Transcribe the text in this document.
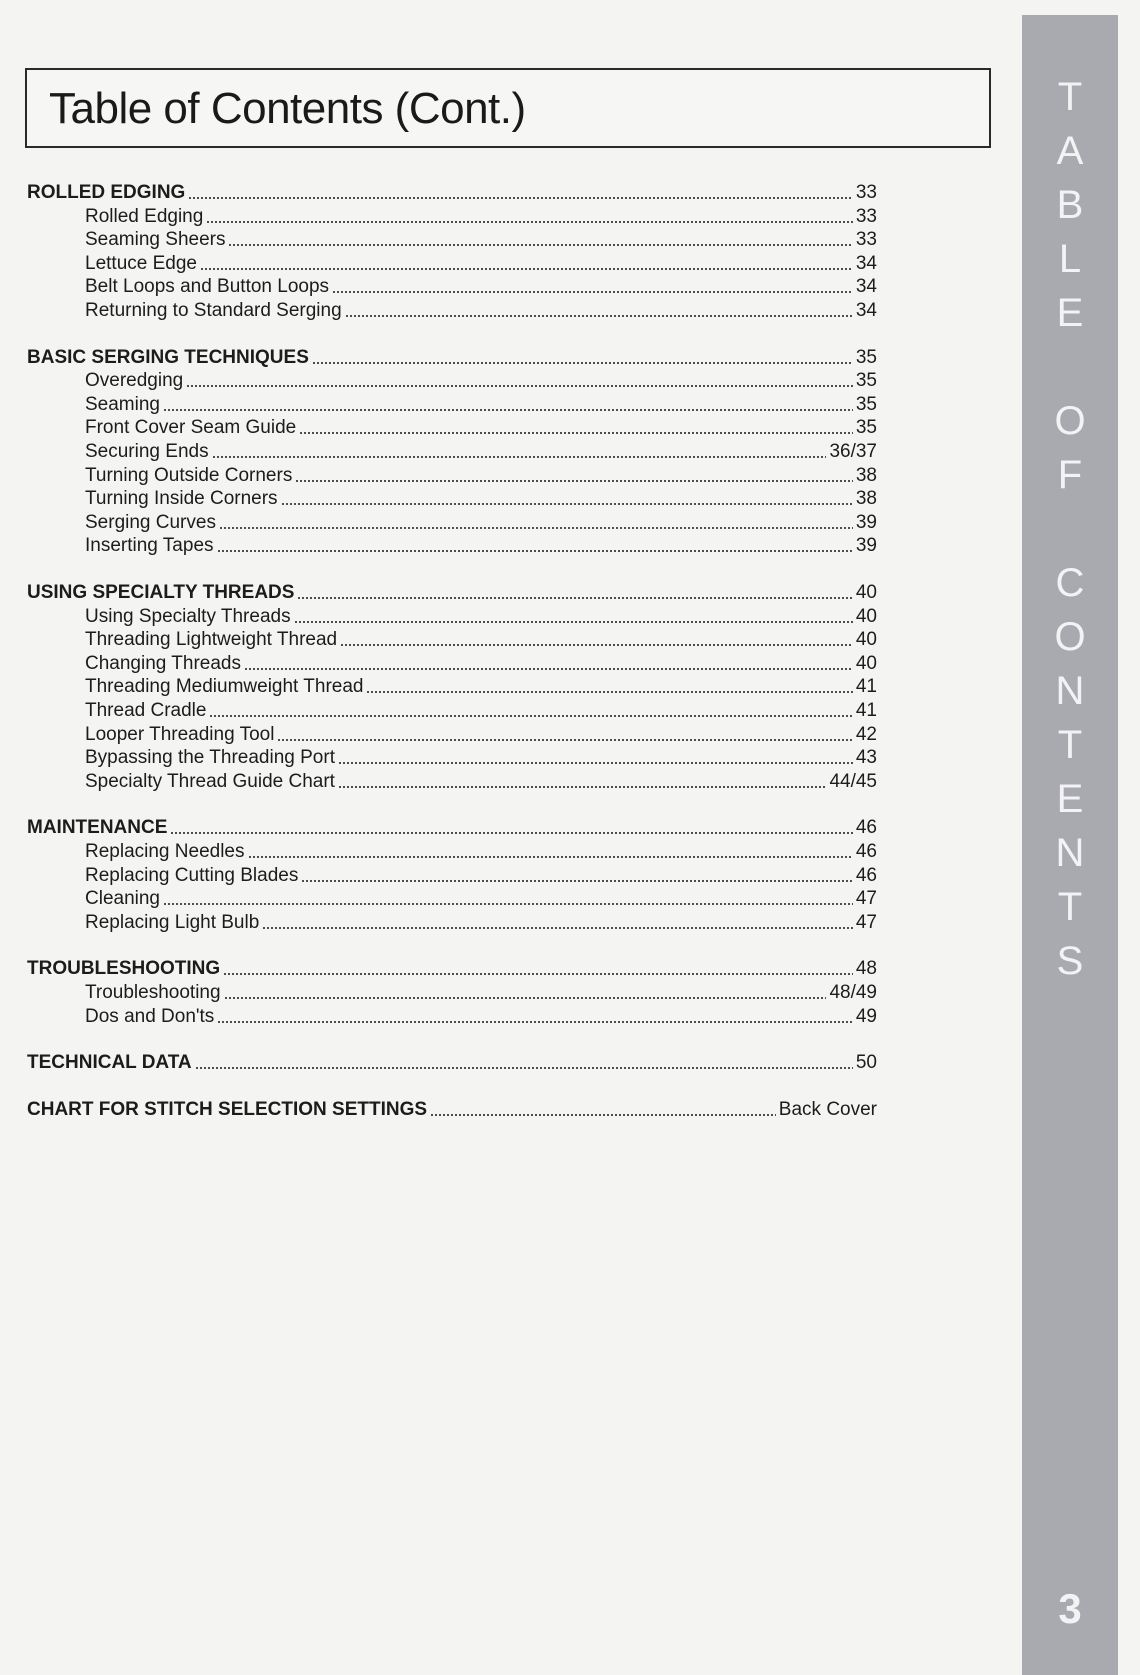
Table of Contents (Cont.)
ROLLED EDGING	33
Rolled Edging	33
Seaming Sheers	33
Lettuce Edge	34
Belt Loops and Button Loops	34
Returning to Standard Serging	34
BASIC SERGING TECHNIQUES	35
Overedging	35
Seaming	35
Front Cover Seam Guide	35
Securing Ends	36/37
Turning Outside Corners	38
Turning Inside Corners	38
Serging Curves	39
Inserting Tapes	39
USING SPECIALTY THREADS	40
Using Specialty Threads	40
Threading Lightweight Thread	40
Changing Threads	40
Threading Mediumweight Thread	41
Thread Cradle	41
Looper Threading Tool	42
Bypassing the Threading Port	43
Specialty Thread Guide Chart	44/45
MAINTENANCE	46
Replacing Needles	46
Replacing Cutting Blades	46
Cleaning	47
Replacing Light Bulb	47
TROUBLESHOOTING	48
Troubleshooting	48/49
Dos and Don'ts	49
TECHNICAL DATA	50
CHART FOR STITCH SELECTION SETTINGS	Back Cover
T
A
B
L
E
O
F
C
O
N
T
E
N
T
S
3
